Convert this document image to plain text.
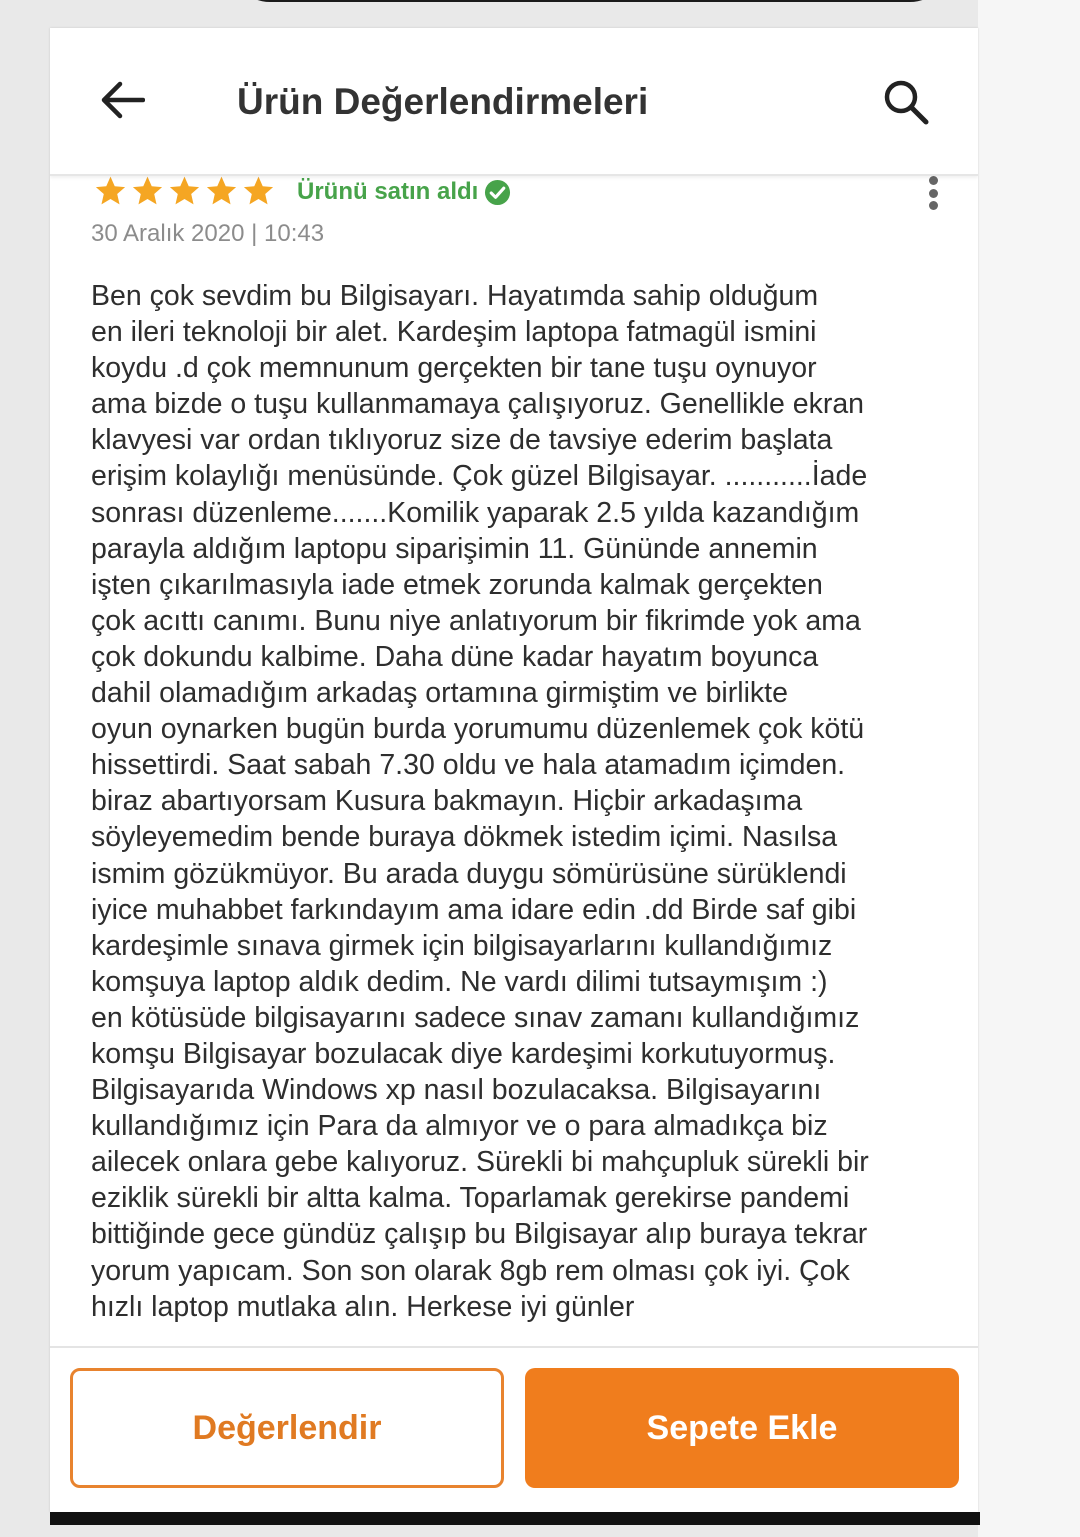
Ürün Değerlendirmeleri
Ürünü satın aldı
30 Aralık 2020 | 10:43
Ben çok sevdim bu Bilgisayarı. Hayatımda sahip olduğum
en ileri teknoloji bir alet. Kardeşim laptopa fatmagül ismini
koydu .d çok memnunum gerçekten bir tane tuşu oynuyor
ama bizde o tuşu kullanmamaya çalışıyoruz. Genellikle ekran
klavyesi var ordan tıklıyoruz size de tavsiye ederim başlata
erişim kolaylığı menüsünde. Çok güzel Bilgisayar. ...........İade
sonrası düzenleme.......Komilik yaparak 2.5 yılda kazandığım
parayla aldığım laptopu siparişimin 11. Gününde annemin
işten çıkarılmasıyla iade etmek zorunda kalmak gerçekten
çok acıttı canımı. Bunu niye anlatıyorum bir fikrimde yok ama
çok dokundu kalbime. Daha düne kadar hayatım boyunca
dahil olamadığım arkadaş ortamına girmiştim ve birlikte
oyun oynarken bugün burda yorumumu düzenlemek çok kötü
hissettirdi. Saat sabah 7.30 oldu ve hala atamadım içimden.
biraz abartıyorsam Kusura bakmayın. Hiçbir arkadaşıma
söyleyemedim bende buraya dökmek istedim içimi. Nasılsa
ismim gözükmüyor. Bu arada duygu sömürüsüne sürüklendi
iyice muhabbet farkındayım ama idare edin .dd Birde saf gibi
kardeşimle sınava girmek için bilgisayarlarını kullandığımız
komşuya laptop aldık dedim. Ne vardı dilimi tutsaymışım :)
en kötüsüde bilgisayarını sadece sınav zamanı kullandığımız
komşu Bilgisayar bozulacak diye kardeşimi korkutuyormuş.
Bilgisayarıda Windows xp nasıl bozulacaksa. Bilgisayarını
kullandığımız için Para da almıyor ve o para almadıkça biz
ailecek onlara gebe kalıyoruz. Sürekli bi mahçupluk sürekli bir
eziklik sürekli bir altta kalma. Toparlamak gerekirse pandemi
bittiğinde gece gündüz çalışıp bu Bilgisayar alıp buraya tekrar
yorum yapıcam. Son son olarak 8gb rem olması çok iyi. Çok
hızlı laptop mutlaka alın. Herkese iyi günler
Değerlendir	Sepete Ekle
